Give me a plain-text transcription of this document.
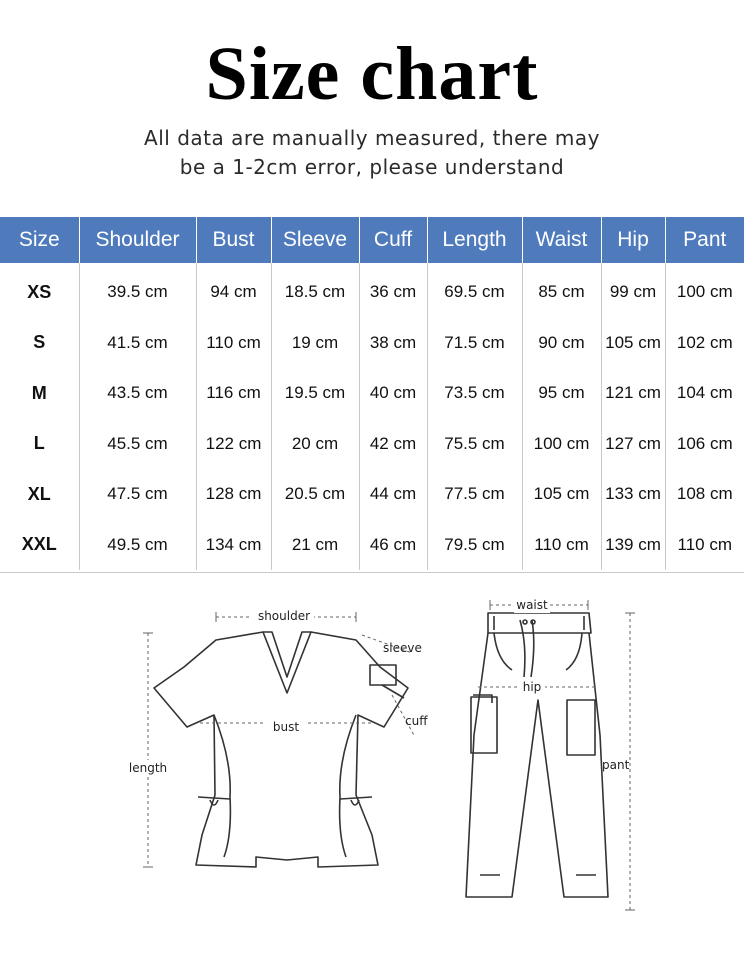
Size chart
All data are manually measured, there may
be a 1-2cm error, please understand
Size	Shoulder	Bust	Sleeve	Cuff	Length	Waist	Hip	Pant
XS	39.5 cm	94 cm	18.5 cm	36 cm	69.5 cm	85 cm	99 cm	100 cm
S	41.5 cm	110 cm	19 cm	38 cm	71.5 cm	90 cm	105 cm	102 cm
M	43.5 cm	116 cm	19.5 cm	40 cm	73.5 cm	95 cm	121 cm	104 cm
L	45.5 cm	122 cm	20 cm	42 cm	75.5 cm	100 cm	127 cm	106 cm
XL	47.5 cm	128 cm	20.5 cm	44 cm	77.5 cm	105 cm	133 cm	108 cm
XXL	49.5 cm	134 cm	21 cm	46 cm	79.5 cm	110 cm	139 cm	110 cm
shoulder
sleeve
cuff
bust
length
waist
hip
pant
